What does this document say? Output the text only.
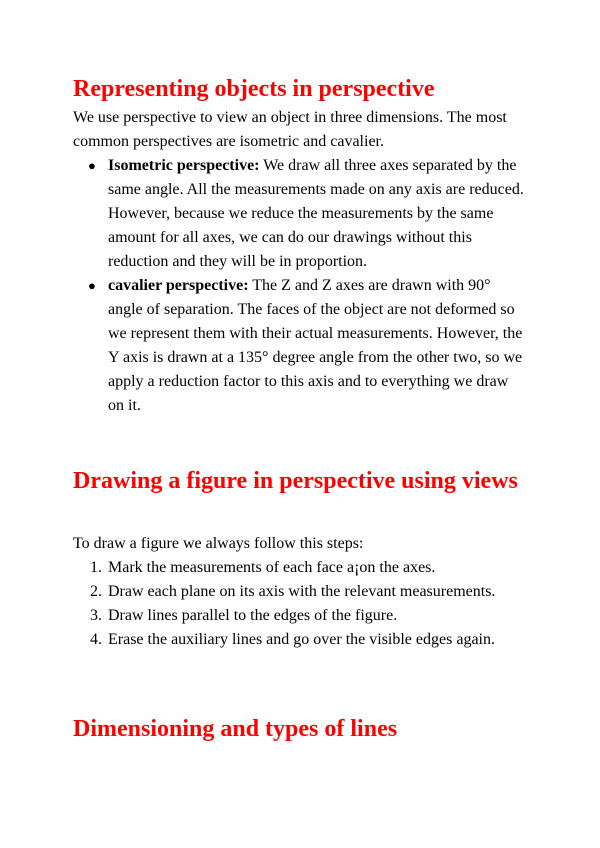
Representing objects in perspective

We use perspective to view an object in three dimensions. The most common perspectives are isometric and cavalier.

● Isometric perspective: We draw all three axes separated by the same angle. All the measurements made on any axis are reduced. However, because we reduce the measurements by the same amount for all axes, we can do our drawings without this reduction and they will be in proportion.
● cavalier perspective: The Z and Z axes are drawn with 90° angle of separation. The faces of the object are not deformed so we represent them with their actual measurements. However, the Y axis is drawn at a 135° degree angle from the other two, so we apply a reduction factor to this axis and to everything we draw on it.
Drawing a figure in perspective using views

To draw a figure we always follow this steps:

1. Mark the measurements of each face a¡on the axes.
2. Draw each plane on its axis with the relevant measurements.
3. Draw lines parallel to the edges of the figure.
4. Erase the auxiliary lines and go over the visible edges again.
Dimensioning and types of lines
